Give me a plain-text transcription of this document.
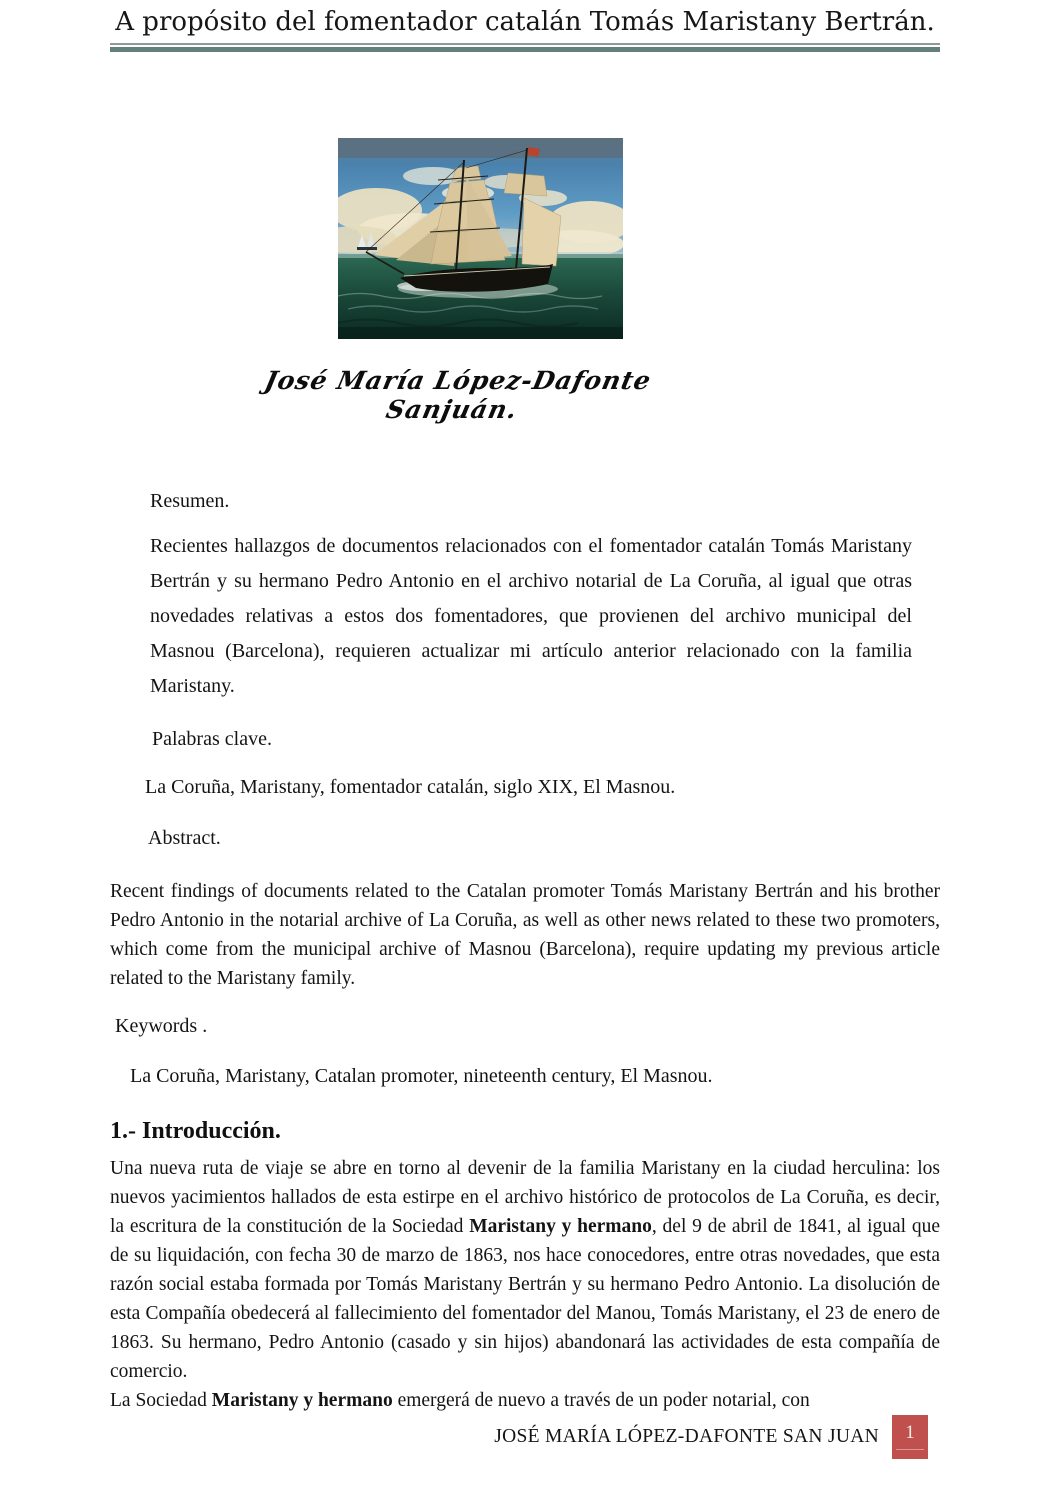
A propósito del fomentador catalán Tomás Maristany Bertrán.
José María López-Dafonte Sanjuán.
Resumen.
Recientes hallazgos de documentos relacionados con el fomentador catalán Tomás Maristany Bertrán y su hermano Pedro Antonio en el archivo notarial de La Coruña, al igual que otras novedades relativas a estos dos fomentadores, que provienen del archivo municipal del Masnou (Barcelona), requieren actualizar mi artículo anterior relacionado con la familia Maristany.
Palabras clave.
La Coruña, Maristany, fomentador catalán, siglo XIX, El Masnou.
Abstract.
Recent findings of documents related to the Catalan promoter Tomás Maristany Bertrán and his brother Pedro Antonio in the notarial archive of La Coruña, as well as other news related to these two promoters, which come from the municipal archive of Masnou (Barcelona), require updating my previous article related to the Maristany family.
Keywords .
La Coruña, Maristany, Catalan promoter, nineteenth century, El Masnou.
1.- Introducción.

Una nueva ruta de viaje se abre en torno al devenir de la familia Maristany en la ciudad herculina: los nuevos yacimientos hallados de esta estirpe en el archivo histórico de protocolos de La Coruña, es decir, la escritura de la constitución de la Sociedad Maristany y hermano, del 9 de abril de 1841, al igual que de su liquidación, con fecha 30 de marzo de 1863, nos hace conocedores, entre otras novedades, que esta razón social estaba formada por Tomás Maristany Bertrán y su hermano Pedro Antonio. La disolución de esta Compañía obedecerá al fallecimiento del fomentador del Manou, Tomás Maristany, el 23 de enero de 1863. Su hermano, Pedro Antonio (casado y sin hijos) abandonará las actividades de esta compañía de comercio.

La Sociedad Maristany y hermano emergerá de nuevo a través de un poder notarial, con

JOSÉ MARÍA LÓPEZ-DAFONTE SAN JUAN 1
